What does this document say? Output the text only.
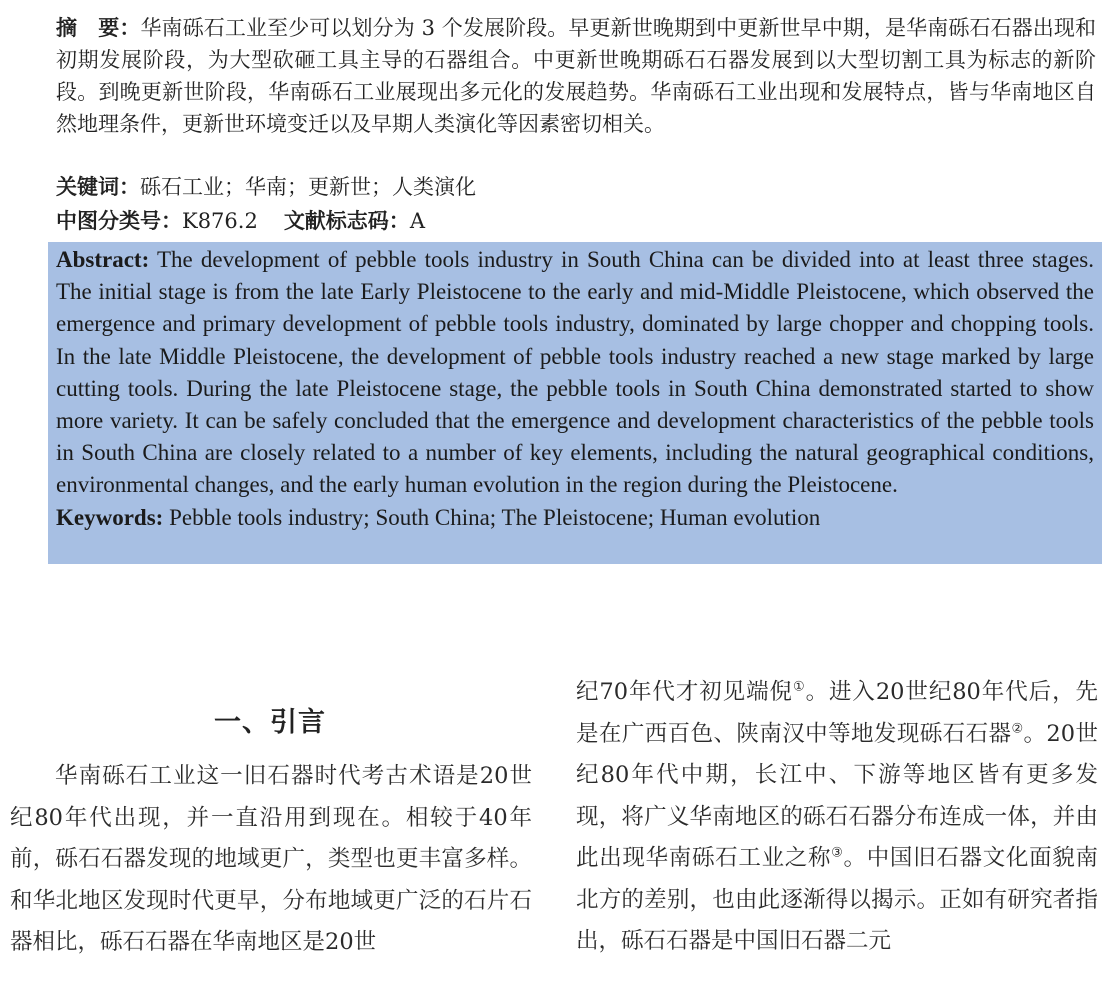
摘　要：华南砾石工业至少可以划分为 3 个发展阶段。早更新世晚期到中更新世早中期，是华南砾石石器出现和初期发展阶段，为大型砍砸工具主导的石器组合。中更新世晚期砾石石器发展到以大型切割工具为标志的新阶段。到晚更新世阶段，华南砾石工业展现出多元化的发展趋势。华南砾石工业出现和发展特点，皆与华南地区自然地理条件，更新世环境变迁以及早期人类演化等因素密切相关。
关键词：砾石工业；华南；更新世；人类演化
中图分类号：K876.2 文献标志码：A
Abstract: The development of pebble tools industry in South China can be divided into at least three stages. The initial stage is from the late Early Pleistocene to the early and mid-Middle Pleistocene, which observed the emergence and primary development of pebble tools industry, dominated by large chopper and chopping tools. In the late Middle Pleistocene, the development of pebble tools industry reached a new stage marked by large cutting tools. During the late Pleistocene stage, the pebble tools in South China demonstrated started to show more variety. It can be safely concluded that the emergence and development characteristics of the pebble tools in South China are closely related to a number of key elements, including the natural geographical conditions, environmental changes, and the early human evolution in the region during the Pleistocene.
Keywords: Pebble tools industry; South China; The Pleistocene; Human evolution
一、引言
华南砾石工业这一旧石器时代考古术语是20世纪80年代出现，并一直沿用到现在。相较于40年前，砾石石器发现的地域更广，类型也更丰富多样。和华北地区发现时代更早，分布地域更广泛的石片石器相比，砾石石器在华南地区是20世
纪70年代才初见端倪①。进入20世纪80年代后，先是在广西百色、陕南汉中等地发现砾石石器②。20世纪80年代中期，长江中、下游等地区皆有更多发现，将广义华南地区的砾石石器分布连成一体，并由此出现华南砾石工业之称③。中国旧石器文化面貌南北方的差别，也由此逐渐得以揭示。正如有研究者指出，砾石石器是中国旧石器二元
